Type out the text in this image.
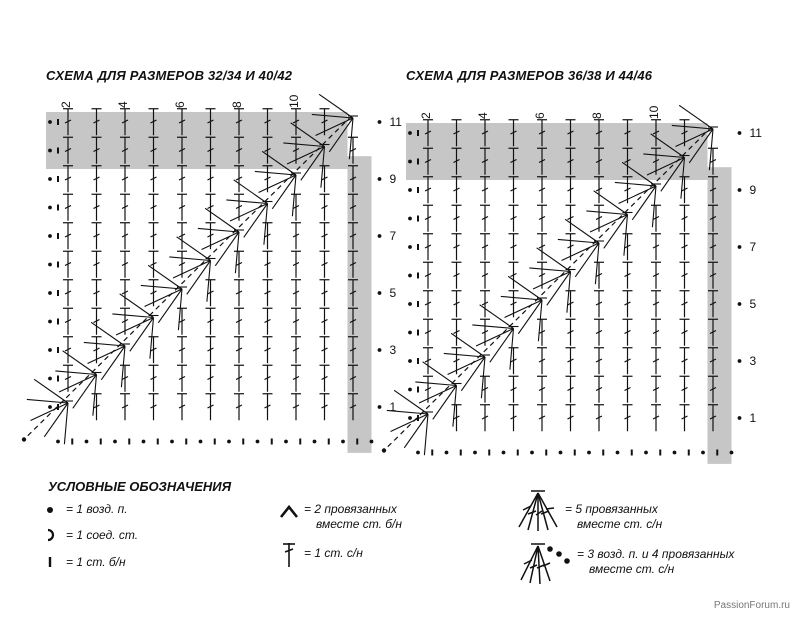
СХЕМА ДЛЯ РАЗМЕРОВ 32/34 И 40/42	СХЕМА ДЛЯ РАЗМЕРОВ 36/38 И 44/46
2	4	6	8	10
11
9
7
5
3
1
2	4	6	8	10
11
9
7
5
3
1
УСЛОВНЫЕ ОБОЗНАЧЕНИЯ
= 1 возд. п.
= 1 соед. ст.
= 1 ст. б/н
= 2 провязанных
вместе ст. б/н
= 1 ст. с/н
= 5 провязанных
вместе ст. с/н
= 3 возд. п. и 4 провязанных
вместе ст. с/н
PassionForum.ru
